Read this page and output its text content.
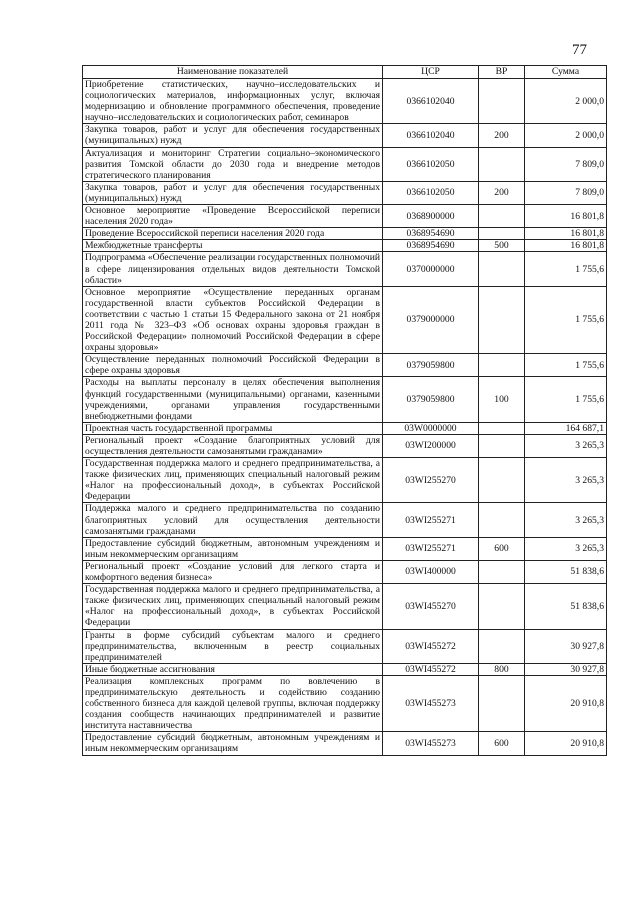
77
Наименование показателей	ЦСР	ВР	Сумма
Приобретение статистических, научно–исследовательских и социологических материалов, информационных услуг, включая модернизацию и обновление программного обеспечения, проведение научно–исследовательских и социологических работ, семинаров	0366102040		2 000,0
Закупка товаров, работ и услуг для обеспечения государственных (муниципальных) нужд	0366102040	200	2 000,0
Актуализация и мониторинг Стратегии социально–экономического развития Томской области до 2030 года и внедрение методов стратегического планирования	0366102050		7 809,0
Закупка товаров, работ и услуг для обеспечения государственных (муниципальных) нужд	0366102050	200	7 809,0
Основное мероприятие «Проведение Всероссийской переписи населения 2020 года»	0368900000		16 801,8
Проведение Всероссийской переписи населения 2020 года	0368954690		16 801,8
Межбюджетные трансферты	0368954690	500	16 801,8
Подпрограмма «Обеспечение реализации государственных полномочий в сфере лицензирования отдельных видов деятельности Томской области»	0370000000		1 755,6
Основное мероприятие «Осуществление переданных органам государственной власти субъектов Российской Федерации в соответствии с частью 1 статьи 15 Федерального закона от 21 ноября 2011 года № 323–ФЗ «Об основах охраны здоровья граждан в Российской Федерации» полномочий Российской Федерации в сфере охраны здоровья»	0379000000		1 755,6
Осуществление переданных полномочий Российской Федерации в сфере охраны здоровья	0379059800		1 755,6
Расходы на выплаты персоналу в целях обеспечения выполнения функций государственными (муниципальными) органами, казенными учреждениями, органами управления государственными внебюджетными фондами	0379059800	100	1 755,6
Проектная часть государственной программы	03W0000000		164 687,1
Региональный проект «Создание благоприятных условий для осуществления деятельности самозанятыми гражданами»	03WI200000		3 265,3
Государственная поддержка малого и среднего предпринимательства, а также физических лиц, применяющих специальный налоговый режим «Налог на профессиональный доход», в субъектах Российской Федерации	03WI255270		3 265,3
Поддержка малого и среднего предпринимательства по созданию благоприятных условий для осуществления деятельности самозанятыми гражданами	03WI255271		3 265,3
Предоставление субсидий бюджетным, автономным учреждениям и иным некоммерческим организациям	03WI255271	600	3 265,3
Региональный проект «Создание условий для легкого старта и комфортного ведения бизнеса»	03WI400000		51 838,6
Государственная поддержка малого и среднего предпринимательства, а также физических лиц, применяющих специальный налоговый режим «Налог на профессиональный доход», в субъектах Российской Федерации	03WI455270		51 838,6
Гранты в форме субсидий субъектам малого и среднего предпринимательства, включенным в реестр социальных предпринимателей	03WI455272		30 927,8
Иные бюджетные ассигнования	03WI455272	800	30 927,8
Реализация комплексных программ по вовлечению в предпринимательскую деятельность и содействию созданию собственного бизнеса для каждой целевой группы, включая поддержку создания сообществ начинающих предпринимателей и развитие института наставничества	03WI455273		20 910,8
Предоставление субсидий бюджетным, автономным учреждениям и иным некоммерческим организациям	03WI455273	600	20 910,8
